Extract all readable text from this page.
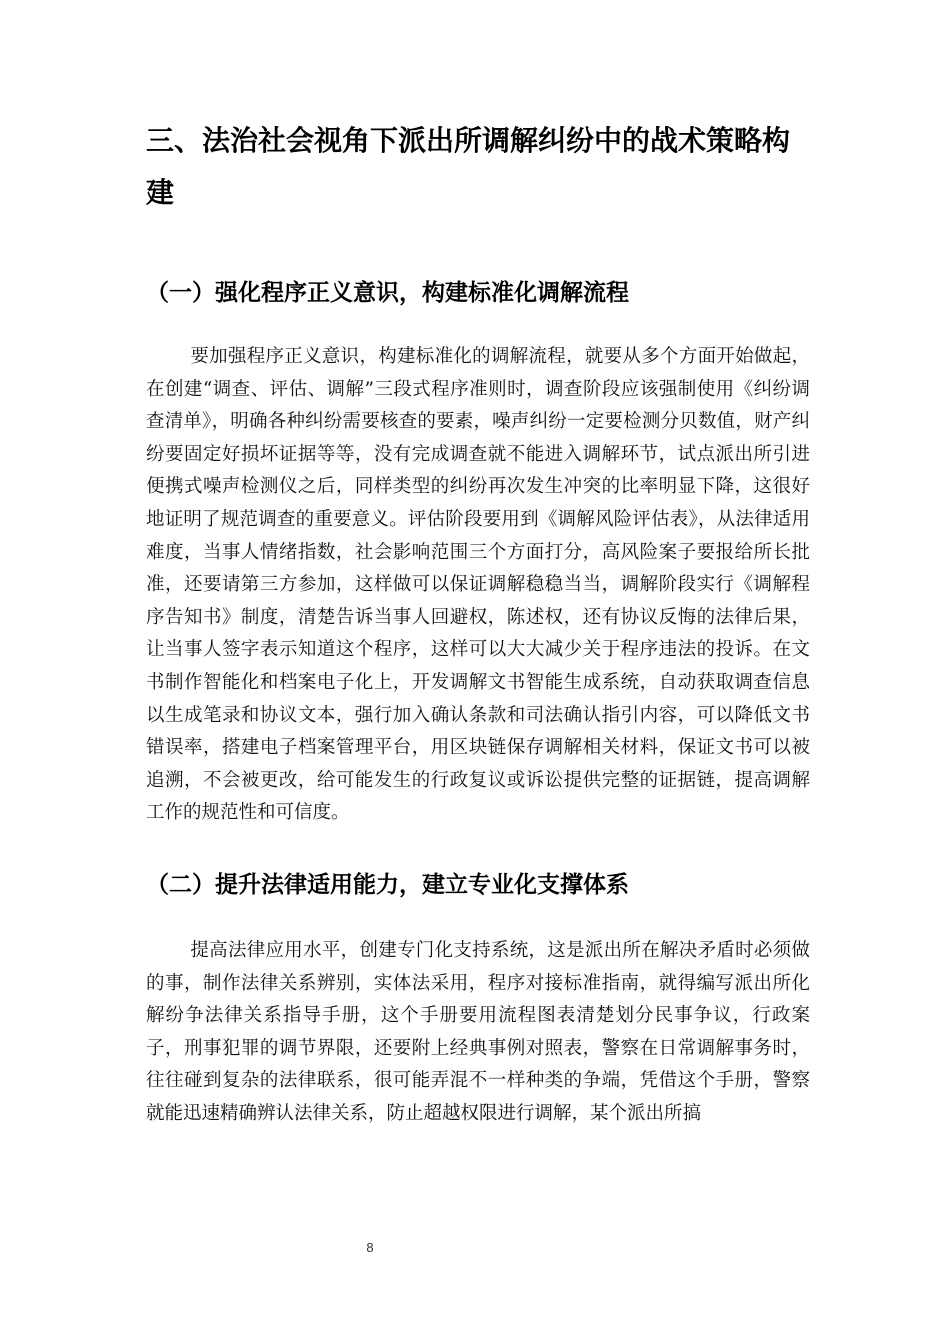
三、法治社会视角下派出所调解纠纷中的战术策略构建
（一）强化程序正义意识，构建标准化调解流程

要加强程序正义意识，构建标准化的调解流程，就要从多个方面开始做起，在创建“调查、评估、调解”三段式程序准则时，调查阶段应该强制使用《纠纷调查清单》，明确各种纠纷需要核查的要素，噪声纠纷一定要检测分贝数值，财产纠纷要固定好损坏证据等等，没有完成调查就不能进入调解环节，试点派出所引进便携式噪声检测仪之后，同样类型的纠纷再次发生冲突的比率明显下降，这很好地证明了规范调查的重要意义。评估阶段要用到《调解风险评估表》，从法律适用难度，当事人情绪指数，社会影响范围三个方面打分，高风险案子要报给所长批准，还要请第三方参加，这样做可以保证调解稳稳当当，调解阶段实行《调解程序告知书》制度，清楚告诉当事人回避权，陈述权，还有协议反悔的法律后果，让当事人签字表示知道这个程序，这样可以大大减少关于程序违法的投诉。在文书制作智能化和档案电子化上，开发调解文书智能生成系统，自动获取调查信息以生成笔录和协议文本，强行加入确认条款和司法确认指引内容，可以降低文书错误率，搭建电子档案管理平台，用区块链保存调解相关材料，保证文书可以被追溯，不会被更改，给可能发生的行政复议或诉讼提供完整的证据链，提高调解工作的规范性和可信度。

（二）提升法律适用能力，建立专业化支撑体系

提高法律应用水平，创建专门化支持系统，这是派出所在解决矛盾时必须做的事，制作法律关系辨别，实体法采用，程序对接标准指南，就得编写派出所化解纷争法律关系指导手册，这个手册要用流程图表清楚划分民事争议，行政案子，刑事犯罪的调节界限，还要附上经典事例对照表，警察在日常调解事务时，往往碰到复杂的法律联系，很可能弄混不一样种类的争端，凭借这个手册，警察就能迅速精确辨认法律关系，防止超越权限进行调解，某个派出所搞

8
